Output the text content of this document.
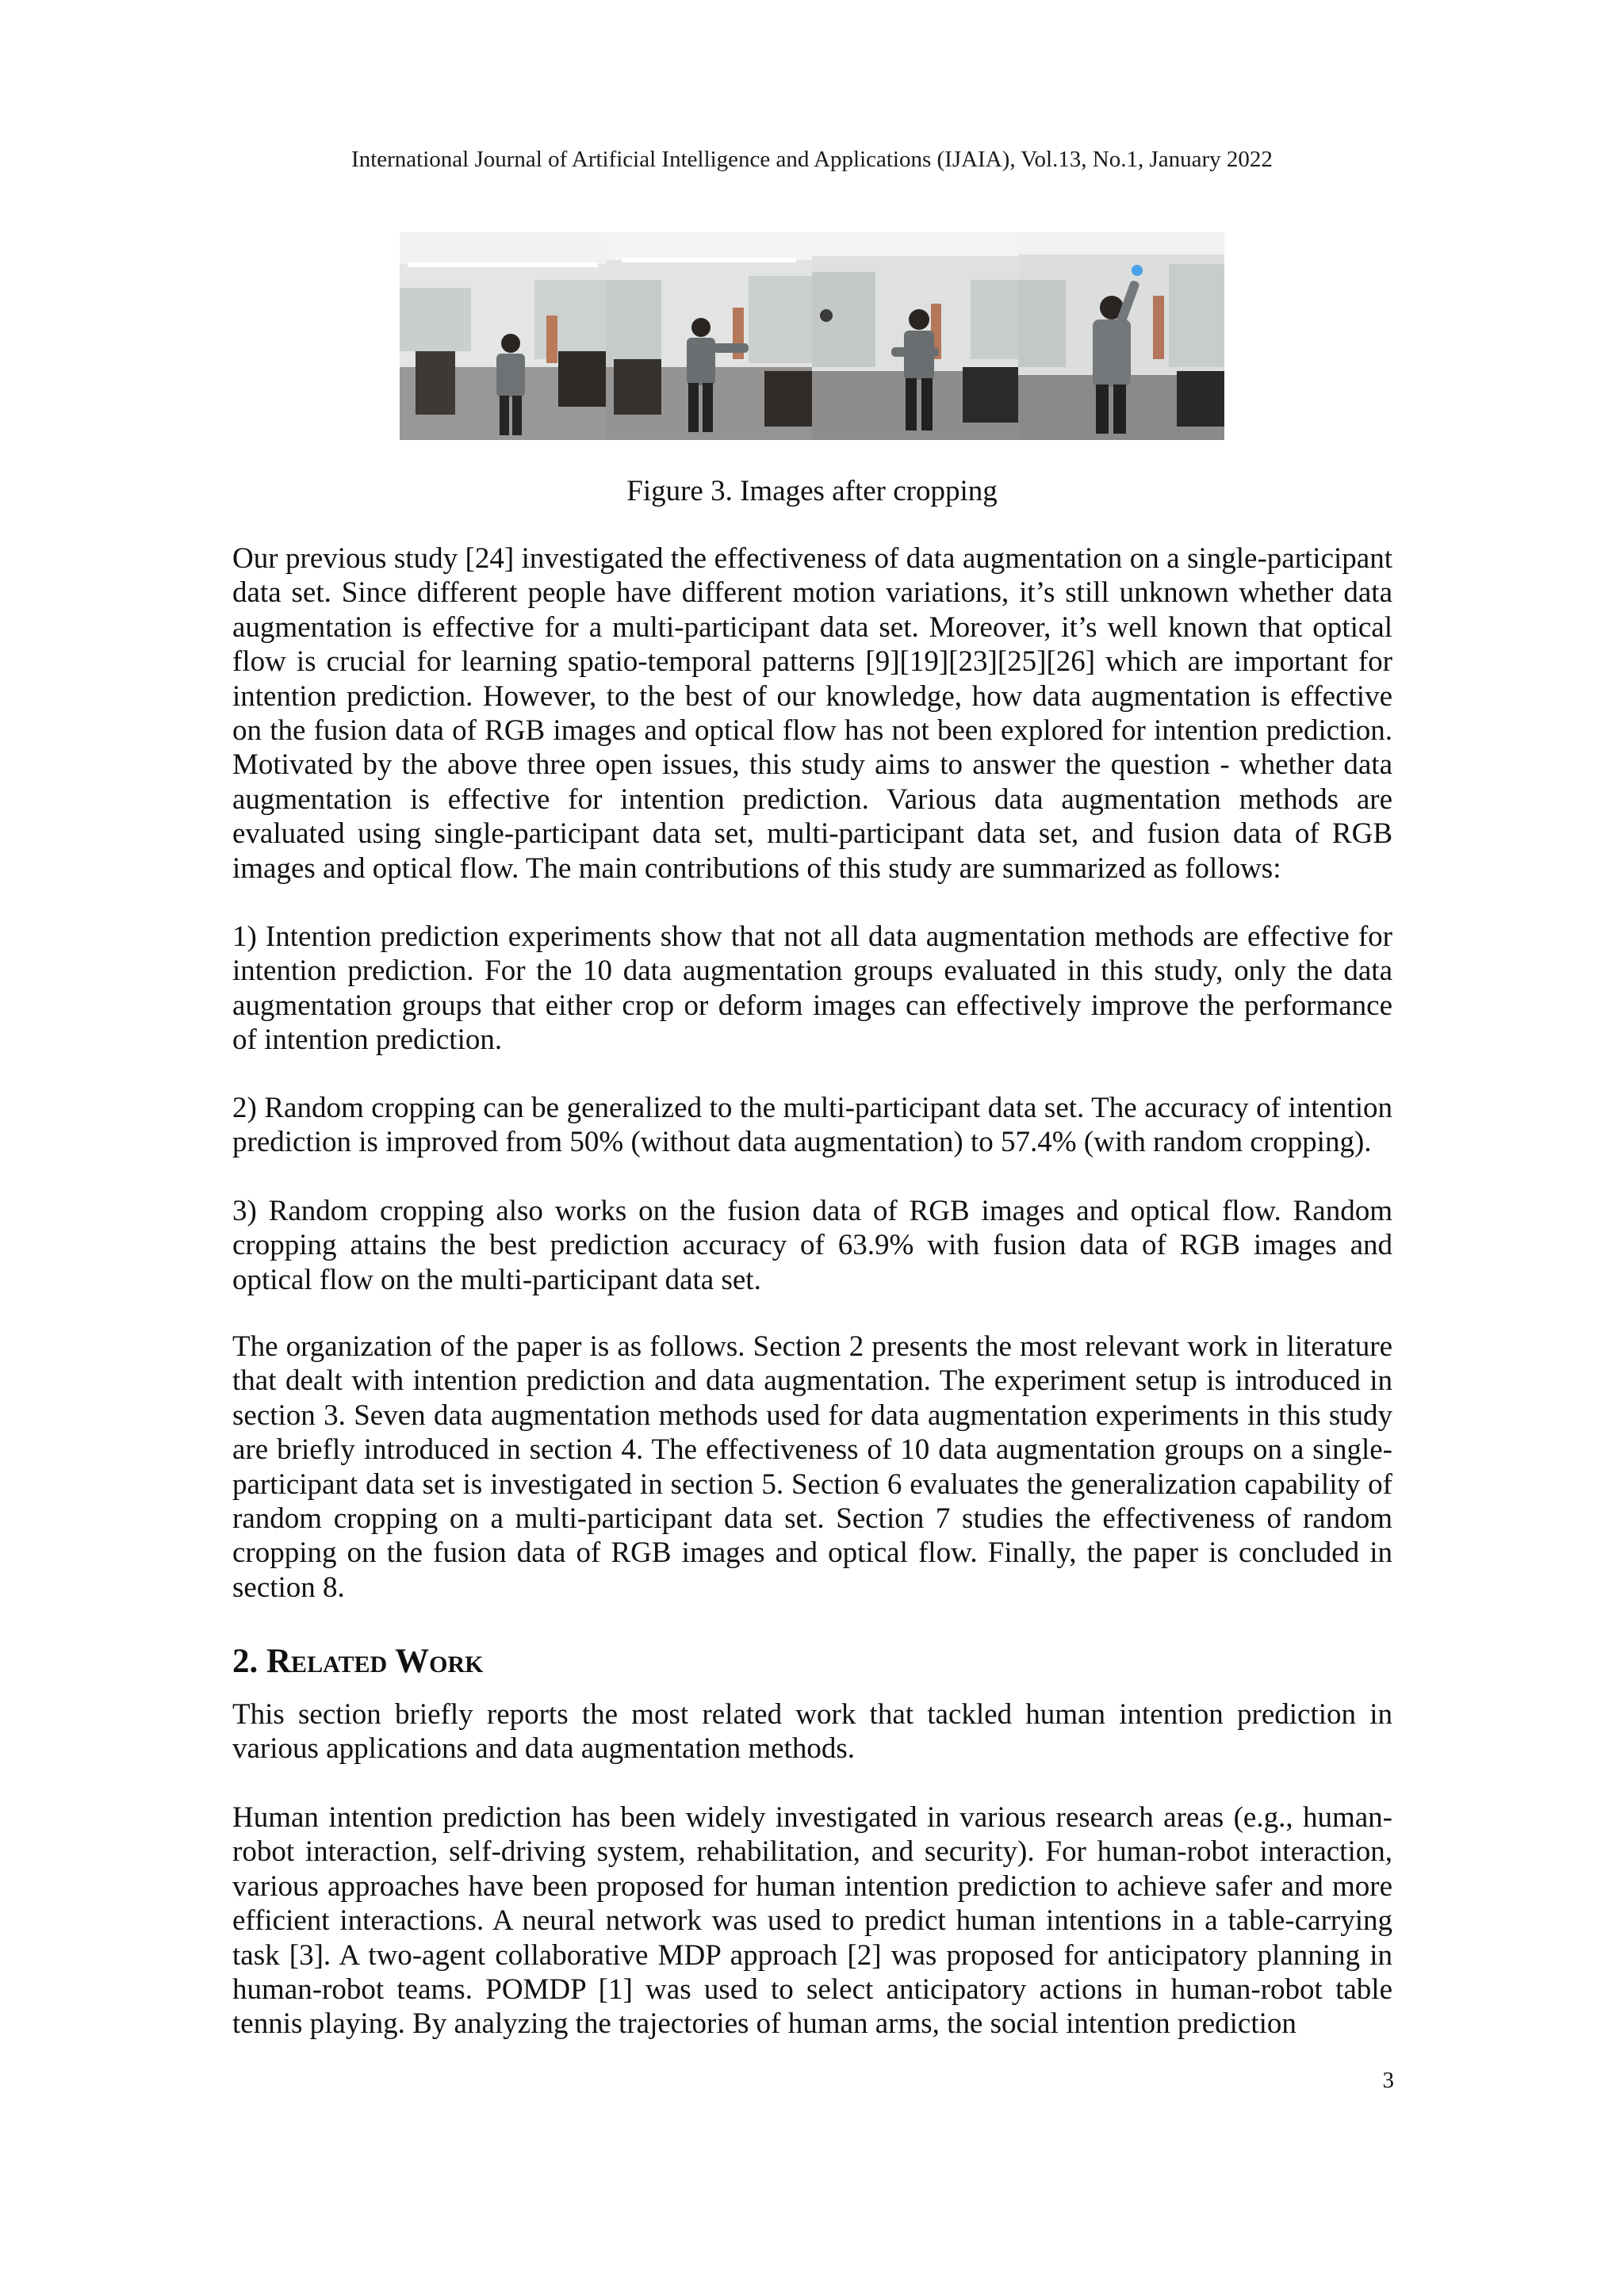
International Journal of Artificial Intelligence and Applications (IJAIA), Vol.13, No.1, January 2022
Figure 3. Images after cropping

Our previous study [24] investigated the effectiveness of data augmentation on a single-participant data set. Since different people have different motion variations, it’s still unknown whether data augmentation is effective for a multi-participant data set. Moreover, it’s well known that optical flow is crucial for learning spatio-temporal patterns [9][19][23][25][26] which are important for intention prediction. However, to the best of our knowledge, how data augmentation is effective on the fusion data of RGB images and optical flow has not been explored for intention prediction. Motivated by the above three open issues, this study aims to answer the question - whether data augmentation is effective for intention prediction. Various data augmentation methods are evaluated using single-participant data set, multi-participant data set, and fusion data of RGB images and optical flow. The main contributions of this study are summarized as follows:

1) Intention prediction experiments show that not all data augmentation methods are effective for intention prediction. For the 10 data augmentation groups evaluated in this study, only the data augmentation groups that either crop or deform images can effectively improve the performance of intention prediction.

2) Random cropping can be generalized to the multi-participant data set. The accuracy of intention prediction is improved from 50% (without data augmentation) to 57.4% (with random cropping).

3) Random cropping also works on the fusion data of RGB images and optical flow. Random cropping attains the best prediction accuracy of 63.9% with fusion data of RGB images and optical flow on the multi-participant data set.

The organization of the paper is as follows. Section 2 presents the most relevant work in literature that dealt with intention prediction and data augmentation. The experiment setup is introduced in section 3. Seven data augmentation methods used for data augmentation experiments in this study are briefly introduced in section 4. The effectiveness of 10 data augmentation groups on a single-participant data set is investigated in section 5. Section 6 evaluates the generalization capability of random cropping on a multi-participant data set. Section 7 studies the effectiveness of random cropping on the fusion data of RGB images and optical flow. Finally, the paper is concluded in section 8.

2. Related Work

This section briefly reports the most related work that tackled human intention prediction in various applications and data augmentation methods.

Human intention prediction has been widely investigated in various research areas (e.g., human-robot interaction, self-driving system, rehabilitation, and security). For human-robot interaction, various approaches have been proposed for human intention prediction to achieve safer and more efficient interactions. A neural network was used to predict human intentions in a table-carrying task [3]. A two-agent collaborative MDP approach [2] was proposed for anticipatory planning in human-robot teams. POMDP [1] was used to select anticipatory actions in human-robot table tennis playing. By analyzing the trajectories of human arms, the social intention prediction

3
